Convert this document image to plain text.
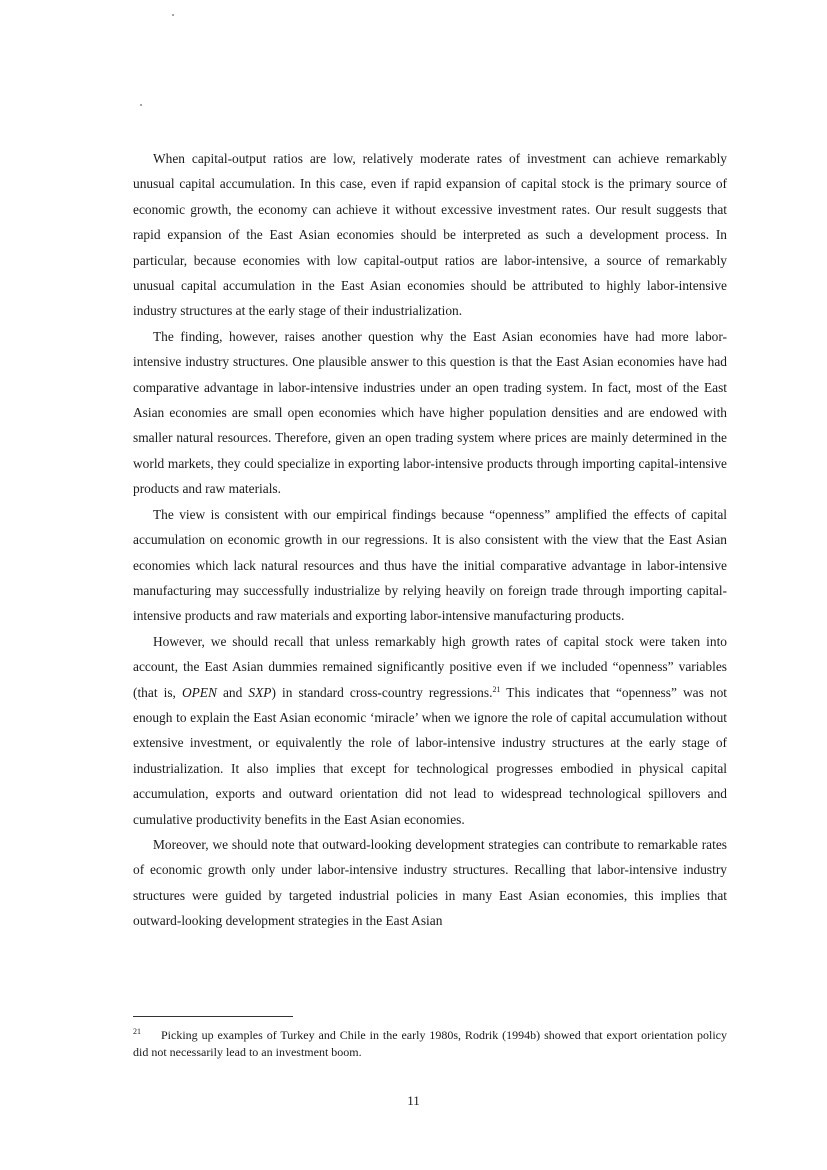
When capital-output ratios are low, relatively moderate rates of investment can achieve remarkably unusual capital accumulation. In this case, even if rapid expansion of capital stock is the primary source of economic growth, the economy can achieve it without excessive investment rates. Our result suggests that rapid expansion of the East Asian economies should be interpreted as such a development process. In particular, because economies with low capital-output ratios are labor-intensive, a source of remarkably unusual capital accumulation in the East Asian economies should be attributed to highly labor-intensive industry structures at the early stage of their industrialization.

The finding, however, raises another question why the East Asian economies have had more labor-intensive industry structures. One plausible answer to this question is that the East Asian economies have had comparative advantage in labor-intensive industries under an open trading system. In fact, most of the East Asian economies are small open economies which have higher population densities and are endowed with smaller natural resources. Therefore, given an open trading system where prices are mainly determined in the world markets, they could specialize in exporting labor-intensive products through importing capital-intensive products and raw materials.

The view is consistent with our empirical findings because “openness” amplified the effects of capital accumulation on economic growth in our regressions. It is also consistent with the view that the East Asian economies which lack natural resources and thus have the initial comparative advantage in labor-intensive manufacturing may successfully industrialize by relying heavily on foreign trade through importing capital-intensive products and raw materials and exporting labor-intensive manufacturing products.

However, we should recall that unless remarkably high growth rates of capital stock were taken into account, the East Asian dummies remained significantly positive even if we included “openness” variables (that is, OPEN and SXP) in standard cross-country regressions.$^{21}$ This indicates that “openness” was not enough to explain the East Asian economic ‘miracle’ when we ignore the role of capital accumulation without extensive investment, or equivalently the role of labor-intensive industry structures at the early stage of industrialization. It also implies that except for technological progresses embodied in physical capital accumulation, exports and outward orientation did not lead to widespread technological spillovers and cumulative productivity benefits in the East Asian economies.

Moreover, we should note that outward-looking development strategies can contribute to remarkable rates of economic growth only under labor-intensive industry structures. Recalling that labor-intensive industry structures were guided by targeted industrial policies in many East Asian economies, this implies that outward-looking development strategies in the East Asian

$^{21}$ Picking up examples of Turkey and Chile in the early 1980s, Rodrik (1994b) showed that export orientation policy did not necessarily lead to an investment boom.
11
